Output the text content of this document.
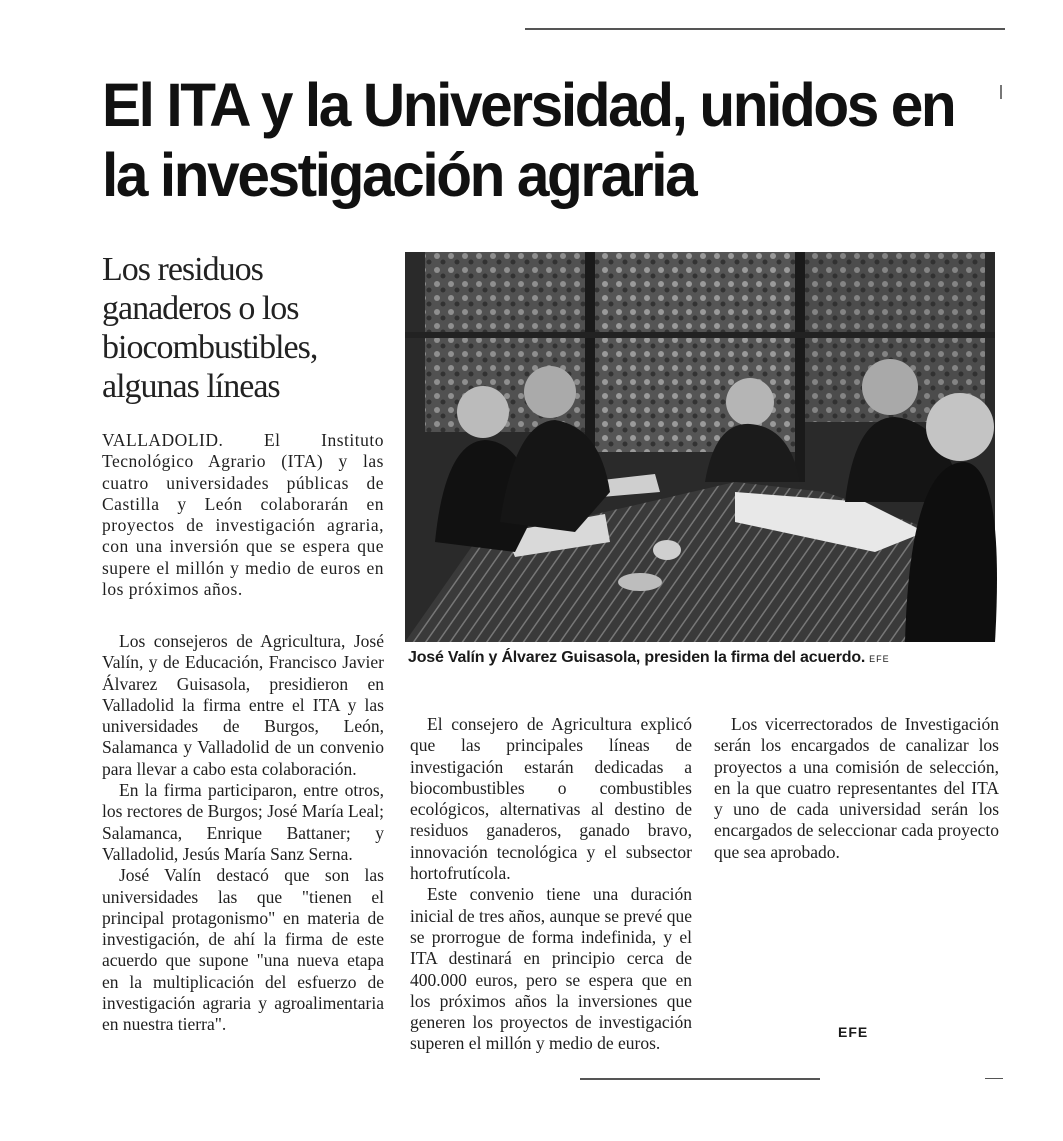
El ITA y la Universidad, unidos en la investigación agraria
Los residuos ganaderos o los biocombustibles, algunas líneas
José Valín y Álvarez Guisasola, presiden la firma del acuerdo. EFE

VALLADOLID. El Instituto Tecnológico Agrario (ITA) y las cuatro universidades públicas de Castilla y León colaborarán en proyectos de investigación agraria, con una inversión que se espera que supere el millón y medio de euros en los próximos años.

Los consejeros de Agricultura, José Valín, y de Educación, Francisco Javier Álvarez Guisasola, presidieron en Valladolid la firma entre el ITA y las universidades de Burgos, León, Salamanca y Valladolid de un convenio para llevar a cabo esta colaboración.

En la firma participaron, entre otros, los rectores de Burgos; José María Leal; Salamanca, Enrique Battaner; y Valladolid, Jesús María Sanz Serna.

José Valín destacó que son las universidades las que "tienen el principal protagonismo" en materia de investigación, de ahí la firma de este acuerdo que supone "una nueva etapa en la multiplicación del esfuerzo de investigación agraria y agroalimentaria en nuestra tierra".

El consejero de Agricultura explicó que las principales líneas de investigación estarán dedicadas a biocombustibles o combustibles ecológicos, alternativas al destino de residuos ganaderos, ganado bravo, innovación tecnológica y el subsector hortofrutícola.

Este convenio tiene una duración inicial de tres años, aunque se prevé que se prorrogue de forma indefinida, y el ITA destinará en principio cerca de 400.000 euros, pero se espera que en los próximos años la inversiones que generen los proyectos de investigación superen el millón y medio de euros.

Los vicerrectorados de Investigación serán los encargados de canalizar los proyectos a una comisión de selección, en la que cuatro representantes del ITA y uno de cada universidad serán los encargados de seleccionar cada proyecto que sea aprobado.

EFE
